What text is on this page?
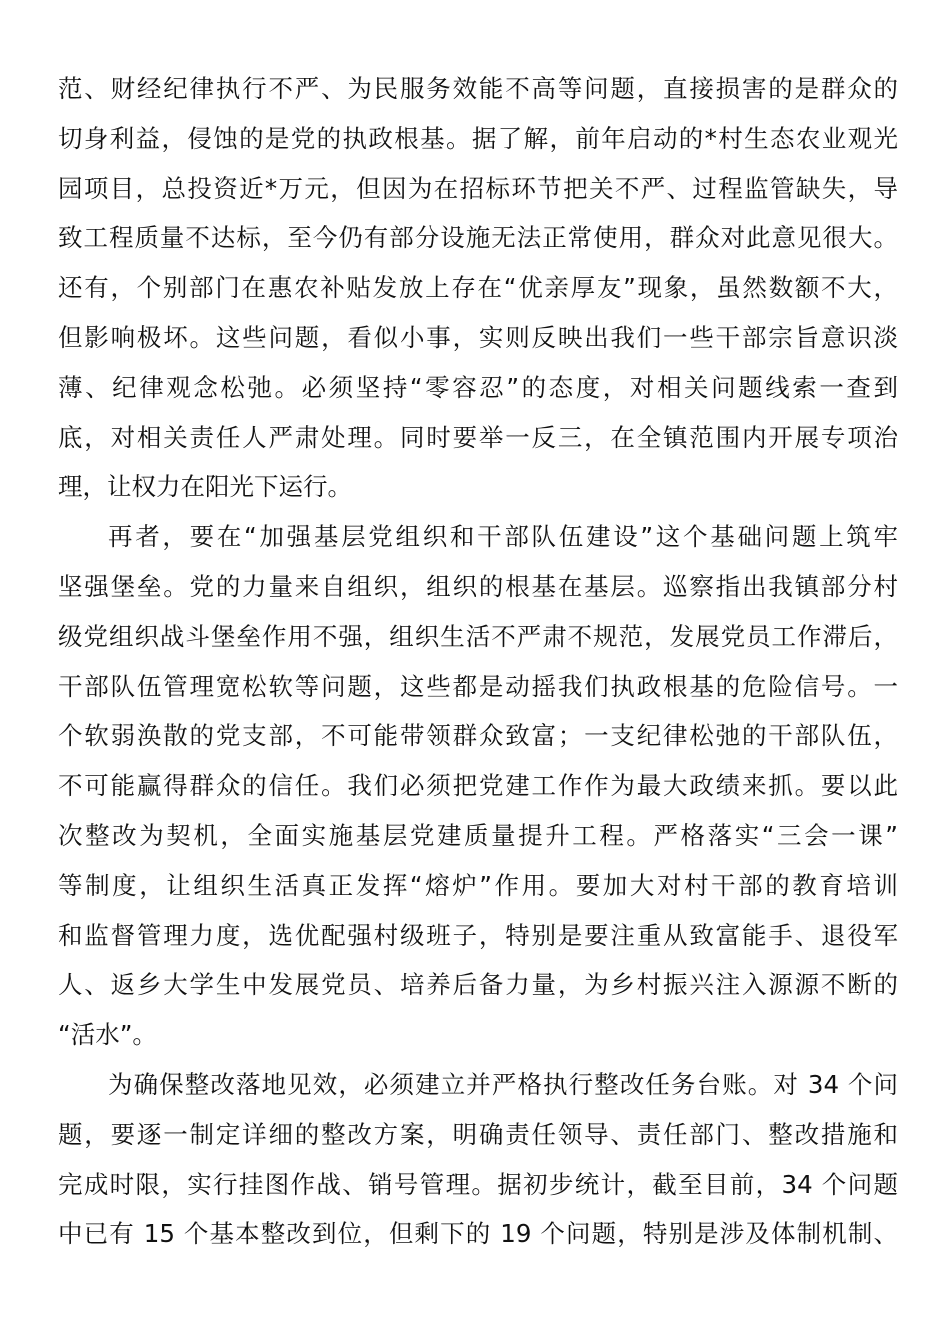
范、财经纪律执行不严、为民服务效能不高等问题，直接损害的是群众的
切身利益，侵蚀的是党的执政根基。据了解，前年启动的*村生态农业观光
园项目，总投资近*万元，但因为在招标环节把关不严、过程监管缺失，导
致工程质量不达标，至今仍有部分设施无法正常使用，群众对此意见很大。
还有，个别部门在惠农补贴发放上存在“优亲厚友”现象，虽然数额不大，
但影响极坏。这些问题，看似小事，实则反映出我们一些干部宗旨意识淡
薄、纪律观念松弛。必须坚持“零容忍”的态度，对相关问题线索一查到
底，对相关责任人严肃处理。同时要举一反三，在全镇范围内开展专项治
理，让权力在阳光下运行。
再者，要在“加强基层党组织和干部队伍建设”这个基础问题上筑牢
坚强堡垒。党的力量来自组织，组织的根基在基层。巡察指出我镇部分村
级党组织战斗堡垒作用不强，组织生活不严肃不规范，发展党员工作滞后，
干部队伍管理宽松软等问题，这些都是动摇我们执政根基的危险信号。一
个软弱涣散的党支部，不可能带领群众致富；一支纪律松弛的干部队伍，
不可能赢得群众的信任。我们必须把党建工作作为最大政绩来抓。要以此
次整改为契机，全面实施基层党建质量提升工程。严格落实“三会一课”
等制度，让组织生活真正发挥“熔炉”作用。要加大对村干部的教育培训
和监督管理力度，选优配强村级班子，特别是要注重从致富能手、退役军
人、返乡大学生中发展党员、培养后备力量，为乡村振兴注入源源不断的
“活水”。
为确保整改落地见效，必须建立并严格执行整改任务台账。对 34 个问
题，要逐一制定详细的整改方案，明确责任领导、责任部门、整改措施和
完成时限，实行挂图作战、销号管理。据初步统计，截至目前，34 个问题
中已有 15 个基本整改到位，但剩下的 19 个问题，特别是涉及体制机制、
